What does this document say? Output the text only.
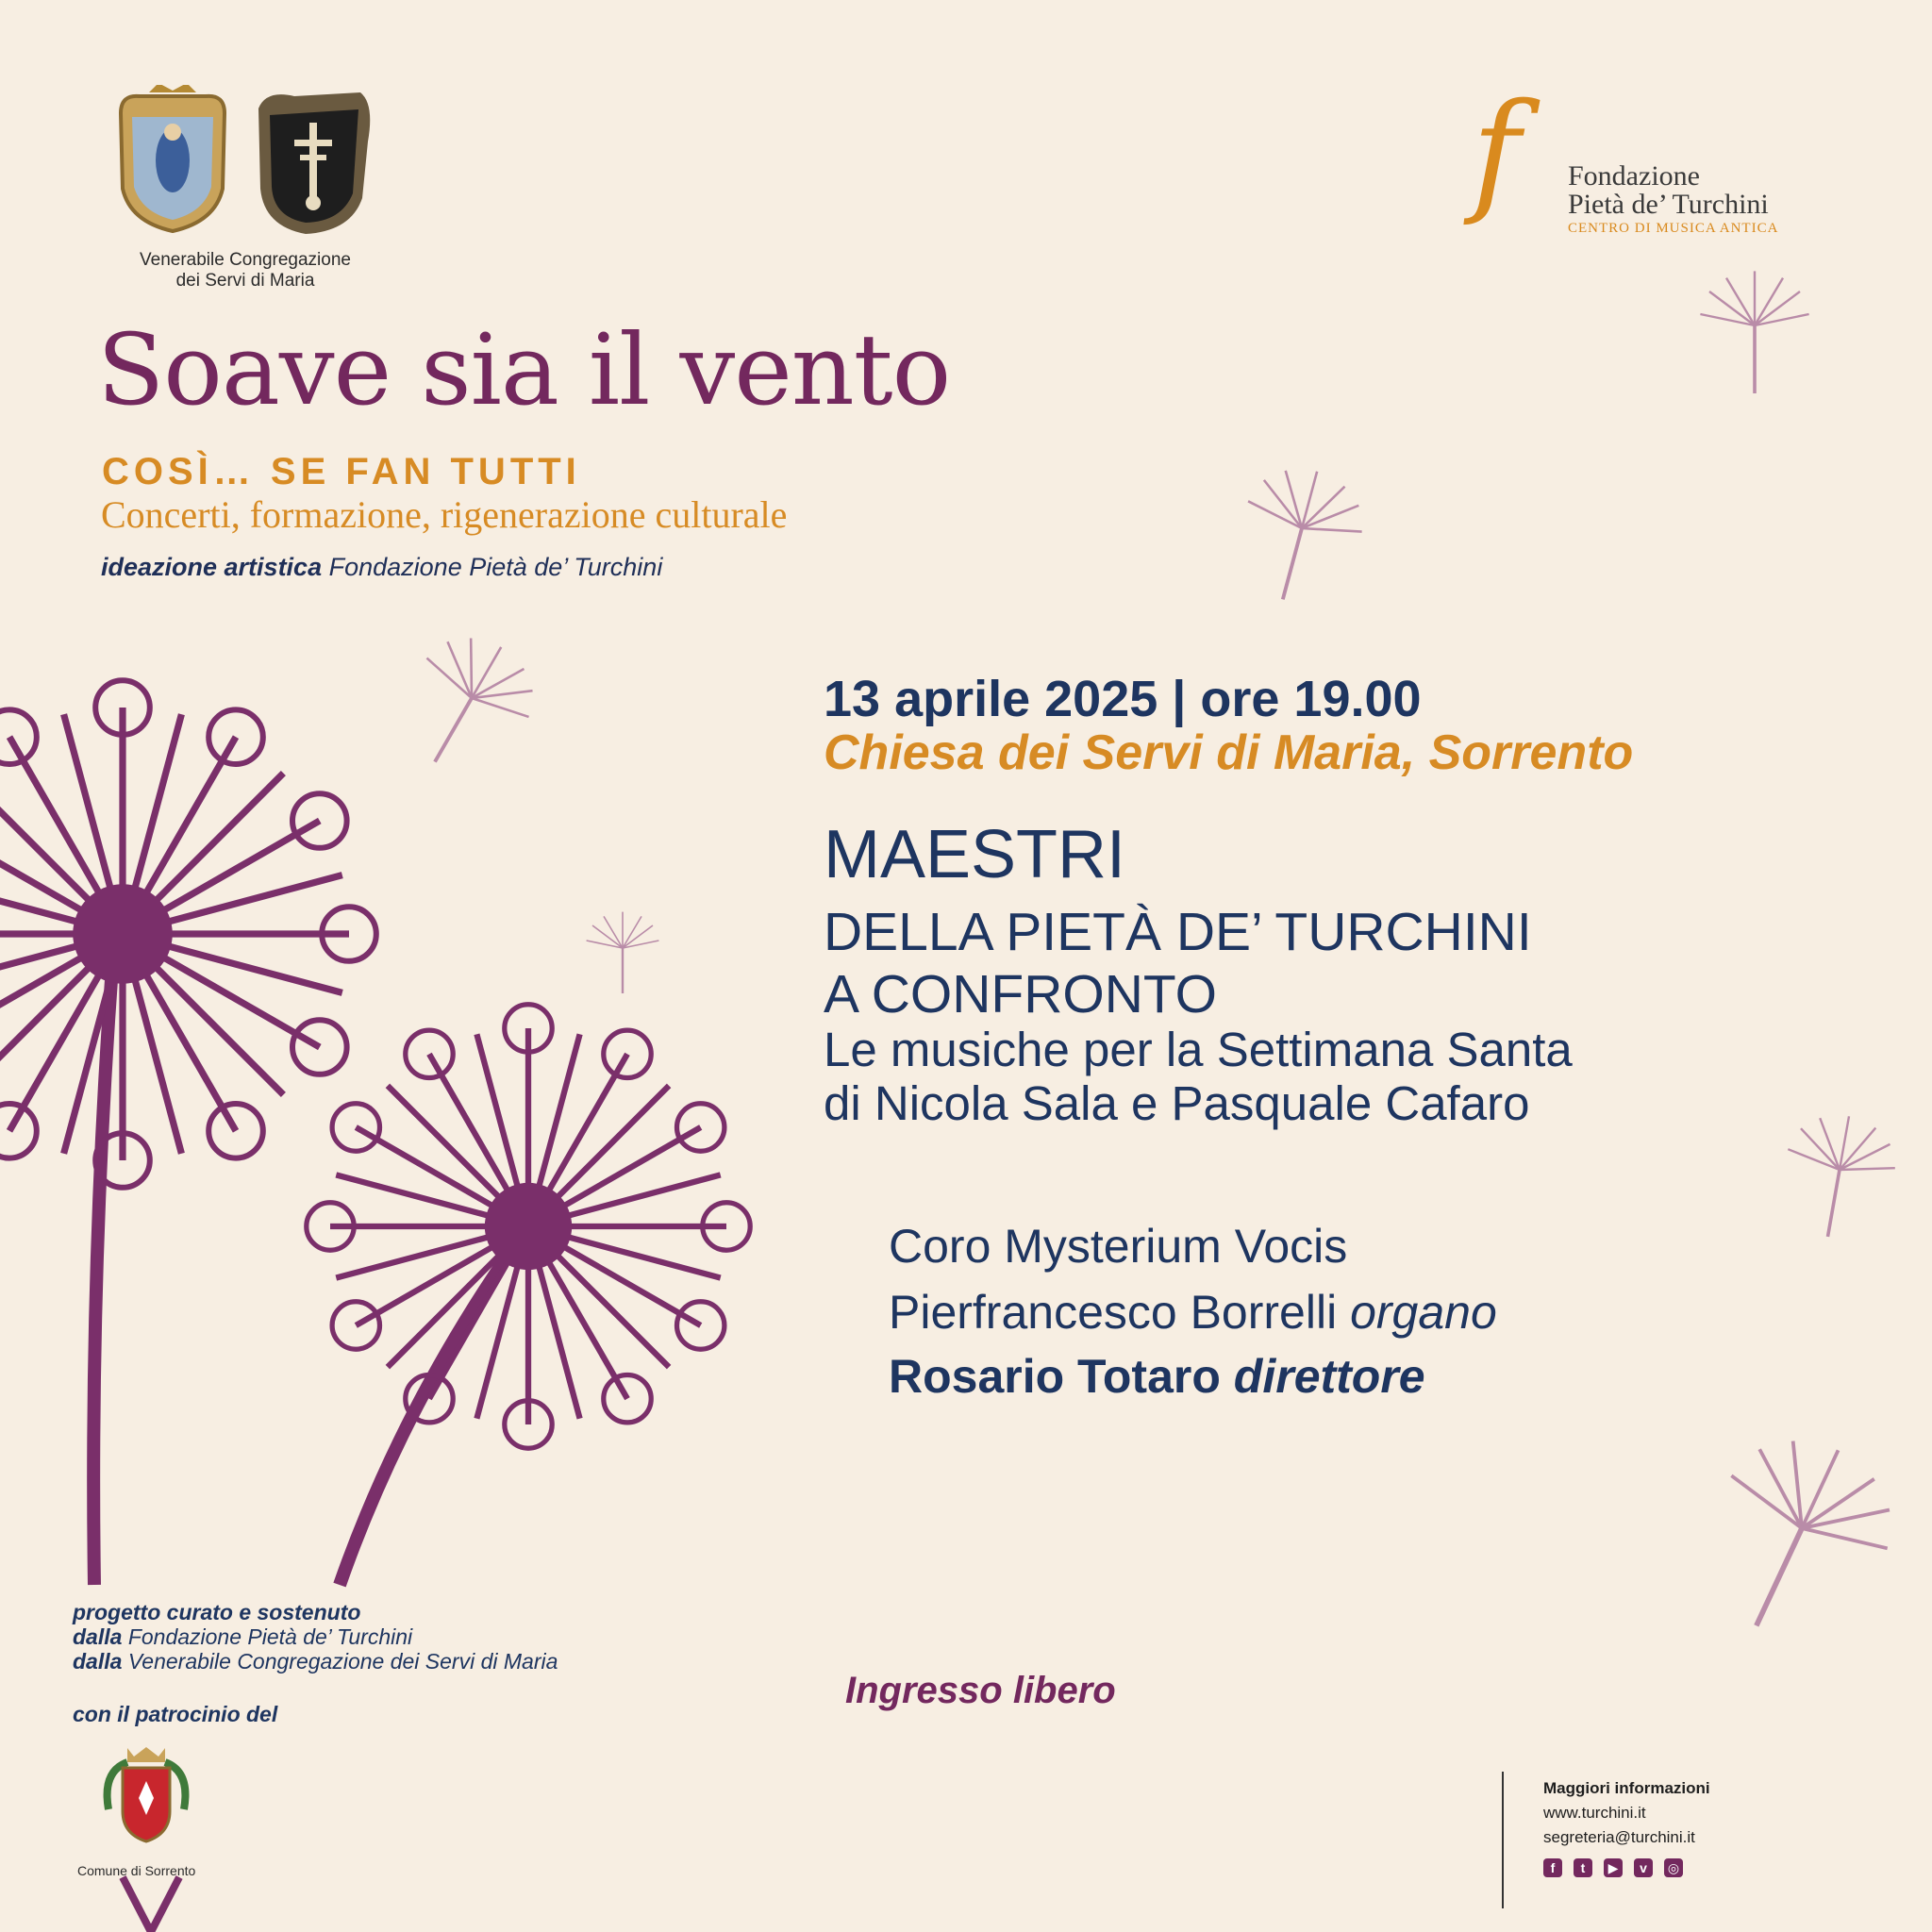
Venerabile Congregazione
dei Servi di Maria
f Fondazione
Pietà de’ Turchini
CENTRO DI MUSICA ANTICA
Soave sia il vento
COSÌ… SE FAN TUTTI
Concerti, formazione, rigenerazione culturale
ideazione artistica Fondazione Pietà de’ Turchini
13 aprile 2025 | ore 19.00
Chiesa dei Servi di Maria, Sorrento
MAESTRI
DELLA PIETÀ DE’ TURCHINI
A CONFRONTO
Le musiche per la Settimana Santa
di Nicola Sala e Pasquale Cafaro
Coro Mysterium Vocis
Pierfrancesco Borrelli organo
Rosario Totaro direttore
Ingresso libero
progetto curato e sostenuto
dalla Fondazione Pietà de’ Turchini
dalla Venerabile Congregazione dei Servi di Maria
con il patrocinio del
Comune di Sorrento
Maggiori informazioni
www.turchini.it
segreteria@turchini.it
f	t	▶	v	◎
